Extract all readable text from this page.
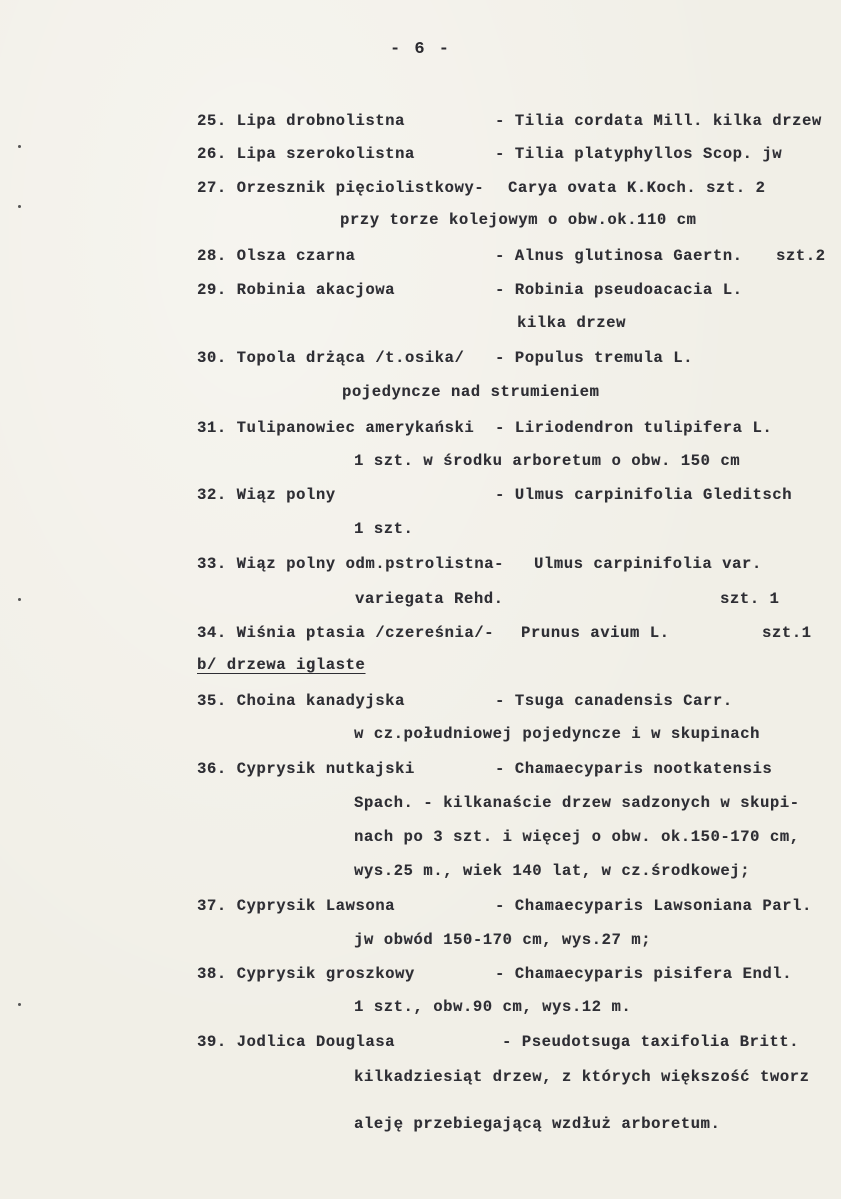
- 6 -
25. Lipa drobnolistna	- Tilia cordata Mill. kilka drzew
26. Lipa szerokolistna	- Tilia platyphyllos Scop. jw
27. Orzesznik pięciolistkowy- Carya ovata K.Koch. szt. 2
przy torze kolejowym o obw.ok.110 cm
28. Olsza czarna	- Alnus glutinosa Gaertn. szt.2
29. Robinia akacjowa	- Robinia pseudoacacia L.
kilka drzew
30. Topola drżąca /t.osika/ - Populus tremula L.
pojedyncze nad strumieniem
31. Tulipanowiec amerykański - Liriodendron tulipifera L.
1 szt. w środku arboretum o obw. 150 cm
32. Wiąz polny	- Ulmus carpinifolia Gleditsch
1 szt.
33. Wiąz polny odm.pstrolistna- Ulmus carpinifolia var.
variegata Rehd.	szt. 1
34. Wiśnia ptasia /czereśnia/- Prunus avium L.	szt.1
b/ drzewa iglaste
35. Choina kanadyjska	- Tsuga canadensis Carr.
w cz.południowej pojedyncze i w skupinach
36. Cyprysik nutkajski	- Chamaecyparis nootkatensis
Spach. - kilkanaście drzew sadzonych w skupi-
nach po 3 szt. i więcej o obw. ok.150-170 cm,
wys.25 m., wiek 140 lat, w cz.środkowej;
37. Cyprysik Lawsona	- Chamaecyparis Lawsoniana Parl.
jw obwód 150-170 cm, wys.27 m;
38. Cyprysik groszkowy	- Chamaecyparis pisifera Endl.
1 szt., obw.90 cm, wys.12 m.
39. Jodlica Douglasa	- Pseudotsuga taxifolia Britt.
kilkadziesiąt drzew, z których większość tworz
aleję przebiegającą wzdłuż arboretum.
